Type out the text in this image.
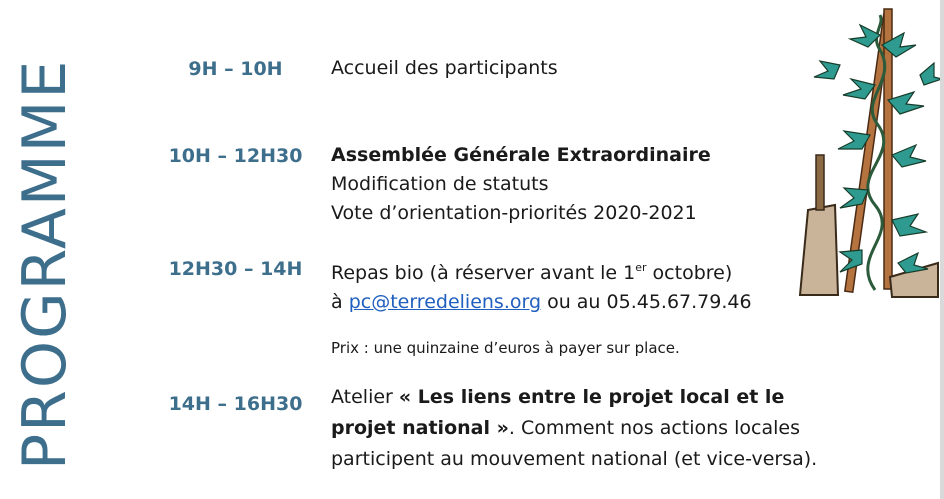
PROGRAMME	9H – 10H	Accueil des participants
10H – 12H30	Assemblée Générale Extraordinaire
Modification de statuts
Vote d’orientation-priorités 2020-2021
12H30 – 14H	Repas bio (à réserver avant le 1er octobre)
à pc@terredeliens.org ou au 05.45.67.79.46
Prix : une quinzaine d’euros à payer sur place.
14H – 16H30	Atelier « Les liens entre le projet local et le
projet national ». Comment nos actions locales
participent au mouvement national (et vice-versa).
